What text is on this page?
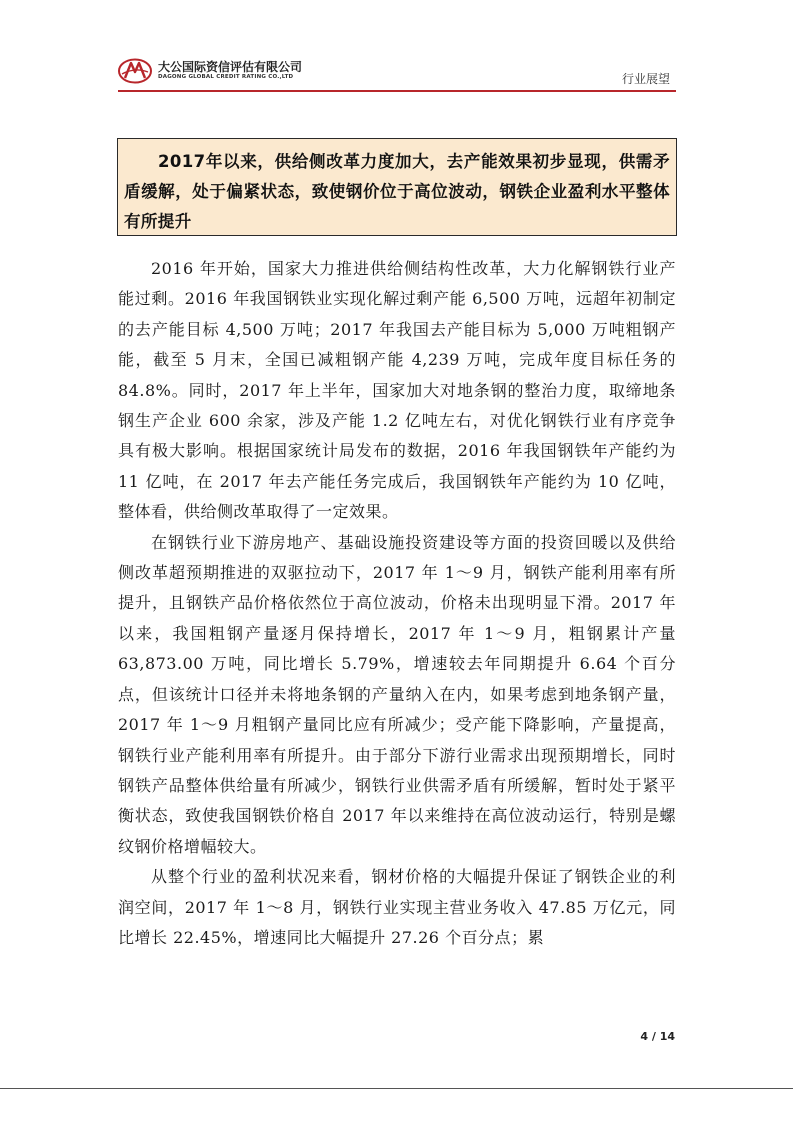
大公国际资信评估有限公司
DAGONG GLOBAL CREDIT RATING CO.,LTD	行业展望

2017年以来，供给侧改革力度加大，去产能效果初步显现，供需矛盾缓解，处于偏紧状态，致使钢价位于高位波动，钢铁企业盈利水平整体有所提升

2016 年开始，国家大力推进供给侧结构性改革，大力化解钢铁行业产能过剩。2016 年我国钢铁业实现化解过剩产能 6,500 万吨，远超年初制定的去产能目标 4,500 万吨；2017 年我国去产能目标为 5,000 万吨粗钢产能，截至 5 月末，全国已减粗钢产能 4,239 万吨，完成年度目标任务的 84.8%。同时，2017 年上半年，国家加大对地条钢的整治力度，取缔地条钢生产企业 600 余家，涉及产能 1.2 亿吨左右，对优化钢铁行业有序竞争具有极大影响。根据国家统计局发布的数据，2016 年我国钢铁年产能约为 11 亿吨，在 2017 年去产能任务完成后，我国钢铁年产能约为 10 亿吨，整体看，供给侧改革取得了一定效果。

在钢铁行业下游房地产、基础设施投资建设等方面的投资回暖以及供给侧改革超预期推进的双驱拉动下，2017 年 1～9 月，钢铁产能利用率有所提升，且钢铁产品价格依然位于高位波动，价格未出现明显下滑。2017 年以来，我国粗钢产量逐月保持增长，2017 年 1～9 月，粗钢累计产量 63,873.00 万吨，同比增长 5.79%，增速较去年同期提升 6.64 个百分点，但该统计口径并未将地条钢的产量纳入在内，如果考虑到地条钢产量，2017 年 1～9 月粗钢产量同比应有所减少；受产能下降影响，产量提高，钢铁行业产能利用率有所提升。由于部分下游行业需求出现预期增长，同时钢铁产品整体供给量有所减少，钢铁行业供需矛盾有所缓解，暂时处于紧平衡状态，致使我国钢铁价格自 2017 年以来维持在高位波动运行，特别是螺纹钢价格增幅较大。

从整个行业的盈利状况来看，钢材价格的大幅提升保证了钢铁企业的利润空间，2017 年 1～8 月，钢铁行业实现主营业务收入 47.85 万亿元，同比增长 22.45%，增速同比大幅提升 27.26 个百分点；累

4 / 14
